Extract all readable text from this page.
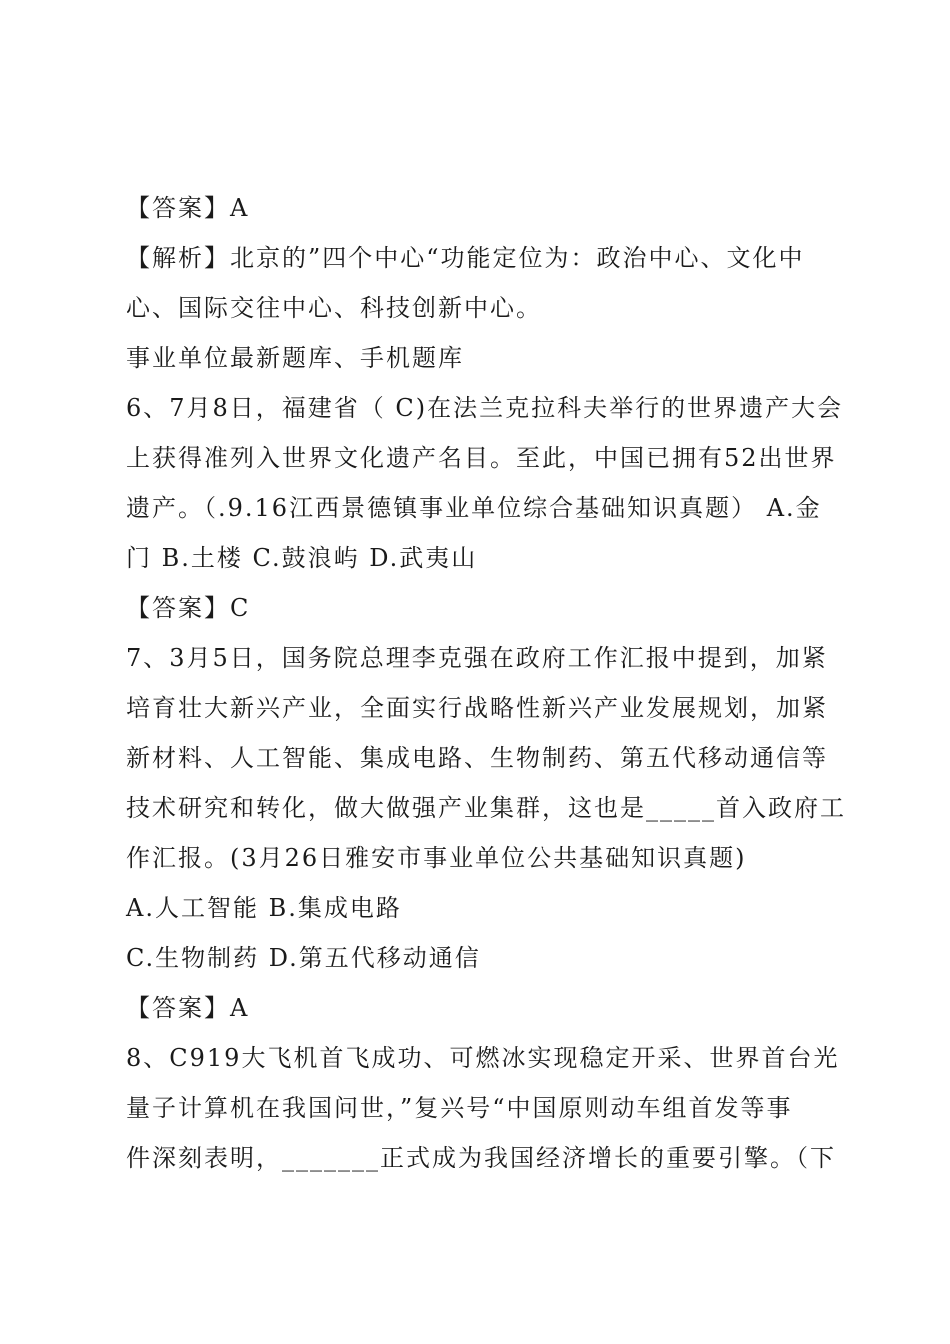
【答案】A
【解析】北京的”四个中心“功能定位为：政治中心、文化中
心、国际交往中心、科技创新中心。
事业单位最新题库、手机题库
6、7月8日，福建省（ C)在法兰克拉科夫举行的世界遗产大会
上获得准列入世界文化遗产名目。至此，中国已拥有52出世界
遗产。（.9.16江西景德镇事业单位综合基础知识真题） A.金
门 B.土楼 C.鼓浪屿 D.武夷山
【答案】C
7、3月5日，国务院总理李克强在政府工作汇报中提到，加紧
培育壮大新兴产业，全面实行战略性新兴产业发展规划，加紧
新材料、人工智能、集成电路、生物制药、第五代移动通信等
技术研究和转化，做大做强产业集群，这也是_____首入政府工
作汇报。(3月26日雅安市事业单位公共基础知识真题)
A.人工智能 B.集成电路
C.生物制药 D.第五代移动通信
【答案】A
8、C919大飞机首飞成功、可燃冰实现稳定开采、世界首台光
量子计算机在我国问世，”复兴号“中国原则动车组首发等事
件深刻表明，_______正式成为我国经济增长的重要引擎。（下
